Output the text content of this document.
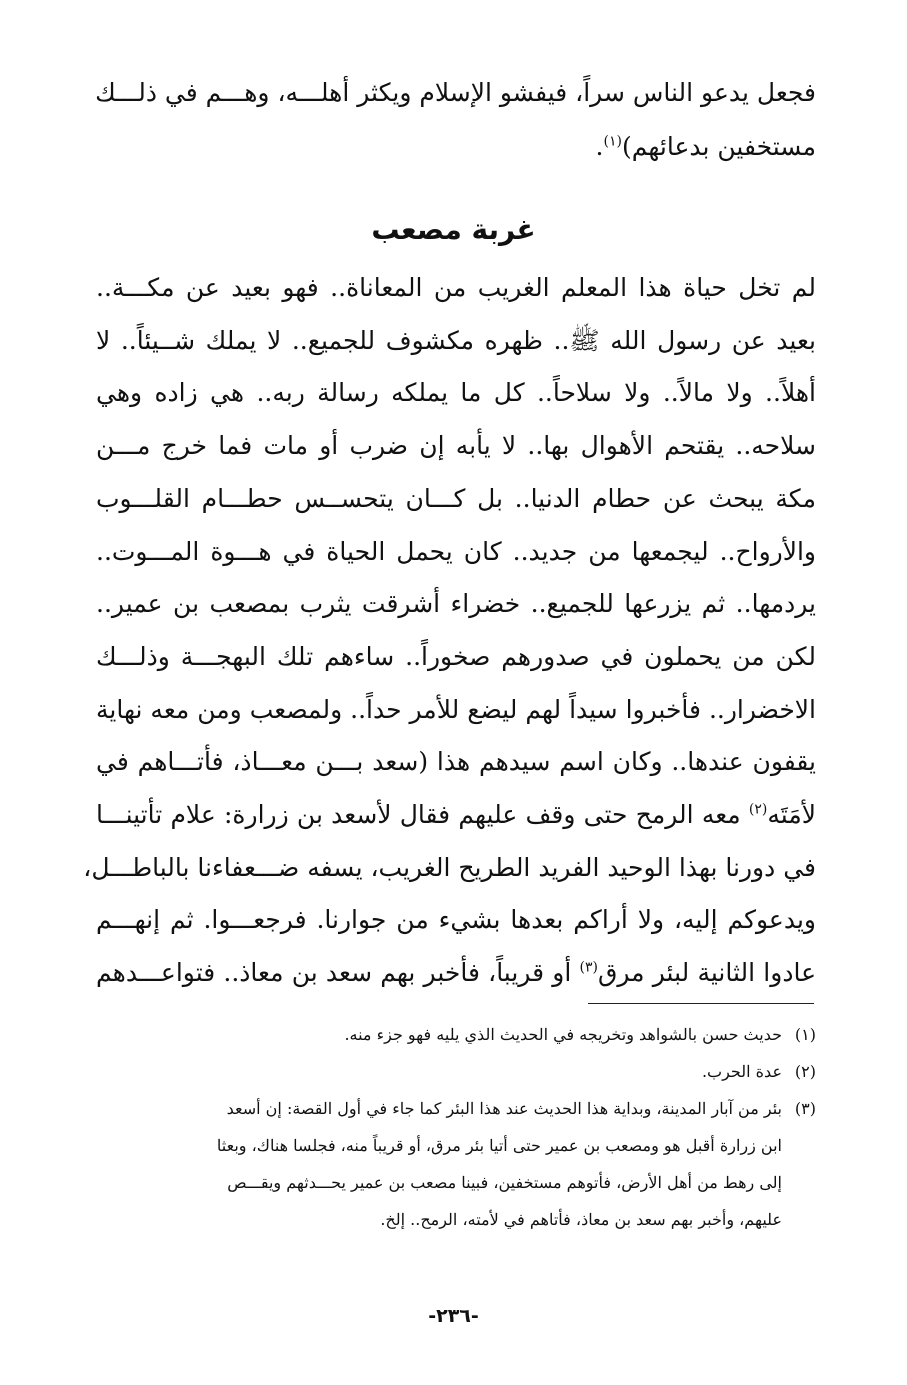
فجعل يدعو الناس سراً، فيفشو الإسلام ويكثر أهلـــه، وهـــم في ذلـــك
مستخفين بدعائهم)$^{(١)}$.
غربة مصعب
لم تخل حياة هذا المعلم الغريب من المعاناة.. فهو بعيد عن مكـــة..
بعيد عن رسول الله ﷺ.. ظهره مكشوف للجميع.. لا يملك شــيئاً.. لا
أهلاً.. ولا مالاً.. ولا سلاحاً.. كل ما يملكه رسالة ربه.. هي زاده وهي
سلاحه.. يقتحم الأهوال بها.. لا يأبه إن ضرب أو مات فما خرج مـــن
مكة يبحث عن حطام الدنيا.. بل كـــان يتحســس حطـــام القلـــوب
والأرواح.. ليجمعها من جديد.. كان يحمل الحياة في هـــوة المـــوت..
يردمها.. ثم يزرعها للجميع.. خضراء أشرقت يثرب بمصعب بن عمير..
لكن من يحملون في صدورهم صخوراً.. ساءهم تلك البهجـــة وذلـــك
الاخضرار.. فأخبروا سيداً لهم ليضع للأمر حداً.. ولمصعب ومن معه نهاية
يقفون عندها.. وكان اسم سيدهم هذا (سعد بـــن معـــاذ، فأتـــاهم في
لأمَتَه$^{(٢)}$ معه الرمح حتى وقف عليهم فقال لأسعد بن زرارة: علام تأتينـــا
في دورنا بهذا الوحيد الفريد الطريح الغريب، يسفه ضـــعفاءنا بالباطـــل،
ويدعوكم إليه، ولا أراكم بعدها بشيء من جوارنا. فرجعـــوا. ثم إنهـــم
عادوا الثانية لبئر مرق$^{(٣)}$ أو قريباً، فأخبر بهم سعد بن معاذ.. فتواعـــدهم
(١)حديث حسن بالشواهد وتخريجه في الحديث الذي يليه فهو جزء منه.
(٢)عدة الحرب.
(٣)بئر من آبار المدينة، وبداية هذا الحديث عند هذا البئر كما جاء في أول القصة: إن أسعد
ابن زرارة أقبل هو ومصعب بن عمير حتى أتيا بئر مرق، أو قريباً منه، فجلسا هناك، وبعثا
إلى رهط من أهل الأرض، فأتوهم مستخفين، فبينا مصعب بن عمير يحـــدثهم ويقـــص
عليهم، وأخبر بهم سعد بن معاذ، فأتاهم في لأمته، الرمح.. إلخ.
-٢٣٦-
